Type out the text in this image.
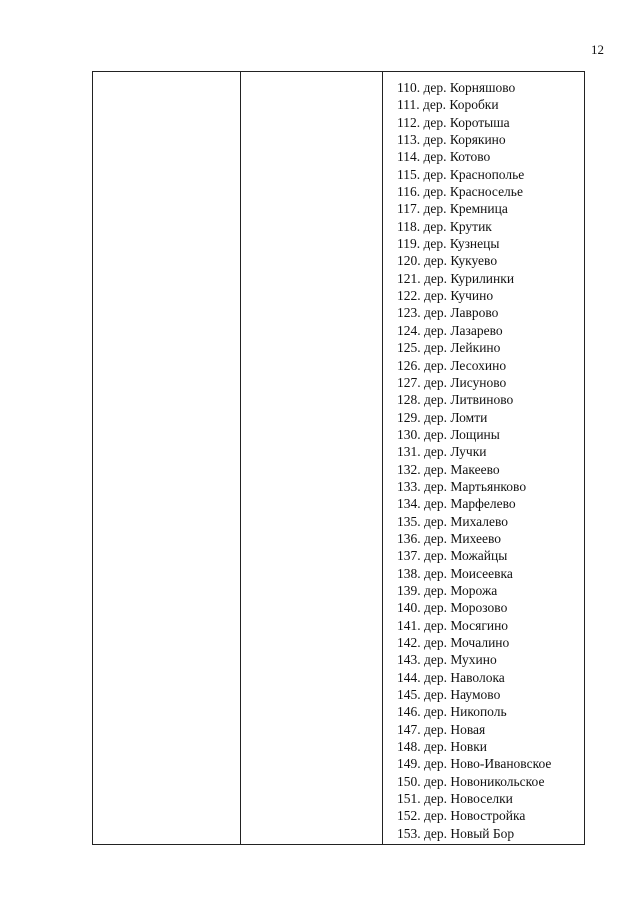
12
110. дер. Корняшово
111. дер. Коробки
112. дер. Коротыша
113. дер. Корякино
114. дер. Котово
115. дер. Краснополье
116. дер. Красноселье
117. дер. Кремница
118. дер. Крутик
119. дер. Кузнецы
120. дер. Кукуево
121. дер. Курилинки
122. дер. Кучино
123. дер. Лаврово
124. дер. Лазарево
125. дер. Лейкино
126. дер. Лесохино
127. дер. Лисуново
128. дер. Литвиново
129. дер. Ломти
130. дер. Лощины
131. дер. Лучки
132. дер. Макеево
133. дер. Мартьянково
134. дер. Марфелево
135. дер. Михалево
136. дер. Михеево
137. дер. Можайцы
138. дер. Моисеевка
139. дер. Морожа
140. дер. Морозово
141. дер. Мосягино
142. дер. Мочалино
143. дер. Мухино
144. дер. Наволока
145. дер. Наумово
146. дер. Никополь
147. дер. Новая
148. дер. Новки
149. дер. Ново-Ивановское
150. дер. Новоникольское
151. дер. Новоселки
152. дер. Новостройка
153. дер. Новый Бор
